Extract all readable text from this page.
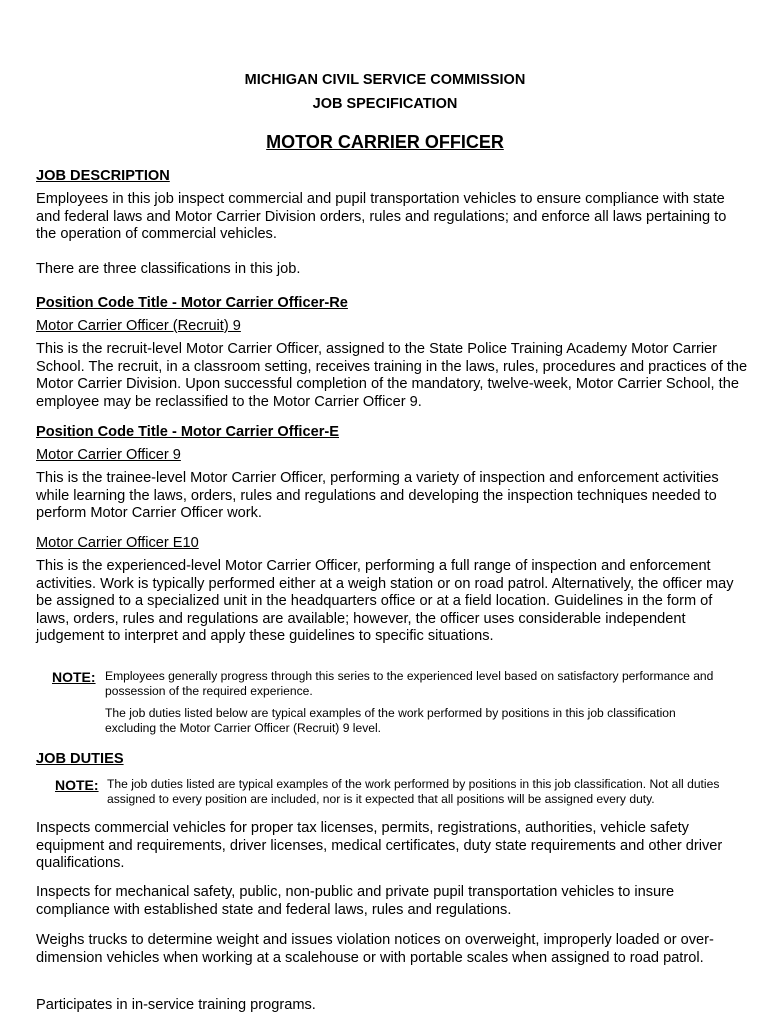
MICHIGAN CIVIL SERVICE COMMISSION
JOB SPECIFICATION
MOTOR CARRIER OFFICER
JOB DESCRIPTION

Employees in this job inspect commercial and pupil transportation vehicles to ensure compliance with state and federal laws and Motor Carrier Division orders, rules and regulations; and enforce all laws pertaining to the operation of commercial vehicles.

There are three classifications in this job.

Position Code Title - Motor Carrier Officer-Re
Motor Carrier Officer (Recruit) 9

This is the recruit-level Motor Carrier Officer, assigned to the State Police Training Academy Motor Carrier School. The recruit, in a classroom setting, receives training in the laws, rules, procedures and practices of the Motor Carrier Division. Upon successful completion of the mandatory, twelve-week, Motor Carrier School, the employee may be reclassified to the Motor Carrier Officer 9.

Position Code Title - Motor Carrier Officer-E
Motor Carrier Officer 9

This is the trainee-level Motor Carrier Officer, performing a variety of inspection and enforcement activities while learning the laws, orders, rules and regulations and developing the inspection techniques needed to perform Motor Carrier Officer work.

Motor Carrier Officer E10

This is the experienced-level Motor Carrier Officer, performing a full range of inspection and enforcement activities. Work is typically performed either at a weigh station or on road patrol. Alternatively, the officer may be assigned to a specialized unit in the headquarters office or at a field location. Guidelines in the form of laws, orders, rules and regulations are available; however, the officer uses considerable independent judgement to interpret and apply these guidelines to specific situations.

NOTE: Employees generally progress through this series to the experienced level based on satisfactory performance and possession of the required experience.

The job duties listed below are typical examples of the work performed by positions in this job classification excluding the Motor Carrier Officer (Recruit) 9 level.

JOB DUTIES
NOTE: The job duties listed are typical examples of the work performed by positions in this job classification. Not all duties assigned to every position are included, nor is it expected that all positions will be assigned every duty.

Inspects commercial vehicles for proper tax licenses, permits, registrations, authorities, vehicle safety equipment and requirements, driver licenses, medical certificates, duty state requirements and other driver qualifications.

Inspects for mechanical safety, public, non-public and private pupil transportation vehicles to insure compliance with established state and federal laws, rules and regulations.

Weighs trucks to determine weight and issues violation notices on overweight, improperly loaded or over-dimension vehicles when working at a scalehouse or with portable scales when assigned to road patrol.

Participates in in-service training programs.
